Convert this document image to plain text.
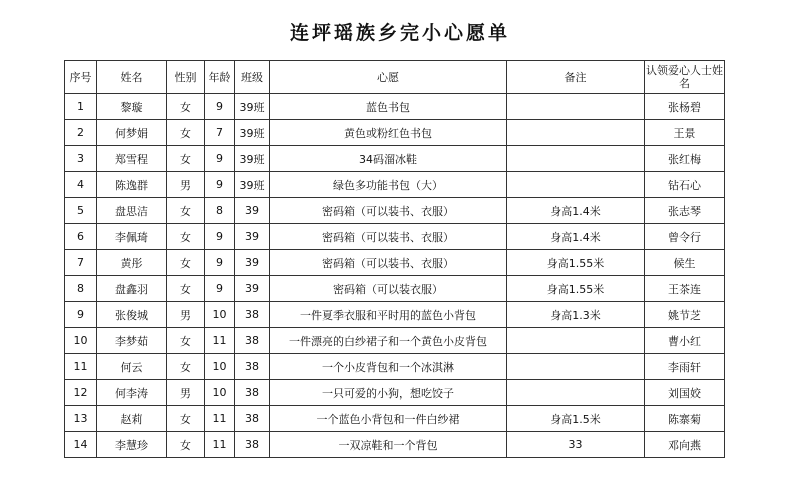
连坪瑶族乡完小心愿单
序号	姓名	性别	年龄	班级	心愿	备注	认领爱心人士姓名
1	黎璇	女	9	39班	蓝色书包		张杨碧
2	何梦娟	女	7	39班	黄色或粉红色书包		王景
3	郑雪程	女	9	39班	34码溜冰鞋		张红梅
4	陈逸群	男	9	39班	绿色多功能书包（大）		钻石心
5	盘思洁	女	8	39	密码箱（可以装书、衣服）	身高1.4米	张志琴
6	李佩琦	女	9	39	密码箱（可以装书、衣服）	身高1.4米	曾令行
7	黄彤	女	9	39	密码箱（可以装书、衣服）	身高1.55米	候生
8	盘鑫羽	女	9	39	密码箱（可以装衣服）	身高1.55米	王茶连
9	张俊城	男	10	38	一件夏季衣服和平时用的蓝色小背包	身高1.3米	姚节芝
10	李梦茹	女	11	38	一件漂亮的白纱裙子和一个黄色小皮背包		曹小红
11	何云	女	10	38	一个小皮背包和一个冰淇淋		李雨轩
12	何李涛	男	10	38	一只可爱的小狗，想吃饺子		刘国姣
13	赵莉	女	11	38	一个蓝色小背包和一件白纱裙	身高1.5米	陈寨菊
14	李慧珍	女	11	38	一双凉鞋和一个背包	33	邓向燕
